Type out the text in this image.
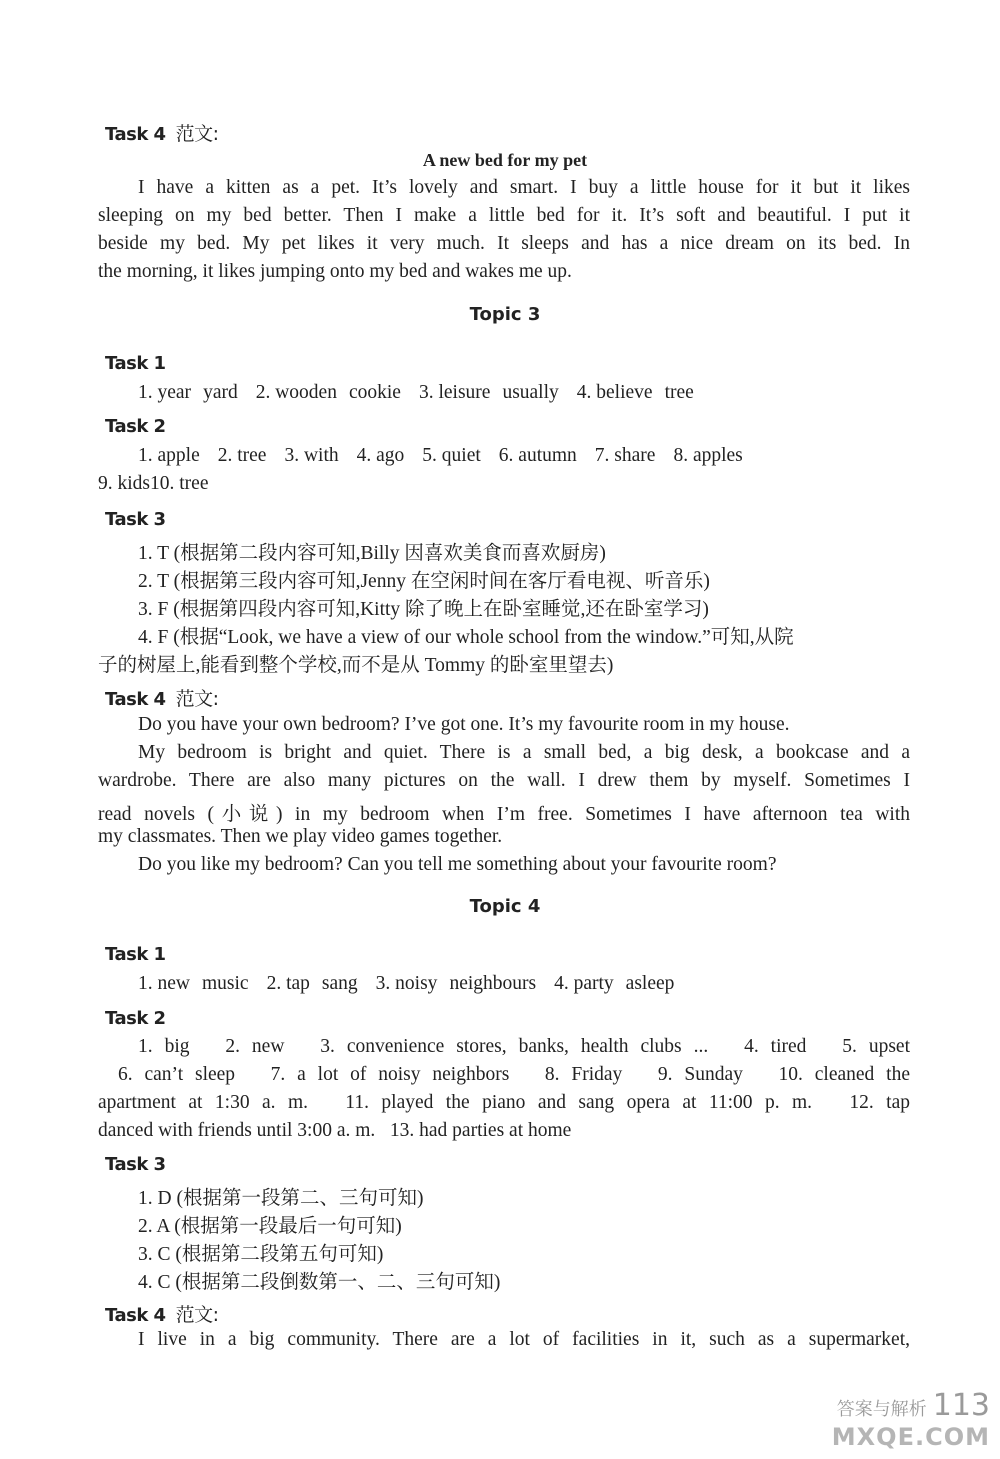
Task 4 范文:
A new bed for my pet
I have a kitten as a pet. It’s lovely and smart. I buy a little house for it but it likes
sleeping on my bed better. Then I make a little bed for it. It’s soft and beautiful. I put it
beside my bed. My pet likes it very much. It sleeps and has a nice dream on its bed. In
the morning, it likes jumping onto my bed and wakes me up.
Topic 3
Task 1
1. year yard 2. wooden cookie 3. leisure usually 4. believe tree
Task 2
1. apple 2. tree 3. with 4. ago 5. quiet 6. autumn 7. share 8. apples
9. kids10. tree
Task 3
1. T (根据第二段内容可知,Billy 因喜欢美食而喜欢厨房)
2. T (根据第三段内容可知,Jenny 在空闲时间在客厅看电视、听音乐)
3. F (根据第四段内容可知,Kitty 除了晚上在卧室睡觉,还在卧室学习)
4. F (根据“Look, we have a view of our whole school from the window.”可知,从院
子的树屋上,能看到整个学校,而不是从 Tommy 的卧室里望去)
Task 4 范文:
Do you have your own bedroom? I’ve got one. It’s my favourite room in my house.
My bedroom is bright and quiet. There is a small bed, a big desk, a bookcase and a
wardrobe. There are also many pictures on the wall. I drew them by myself. Sometimes I
read novels (小说) in my bedroom when I’m free. Sometimes I have afternoon tea with
my classmates. Then we play video games together.
Do you like my bedroom? Can you tell me something about your favourite room?
Topic 4
Task 1
1. new music 2. tap sang 3. noisy neighbours 4. party asleep
Task 2
1. big   2. new   3. convenience stores, banks, health clubs ...   4. tired   5. upset
6. can’t sleep   7. a lot of noisy neighbors   8. Friday   9. Sunday   10. cleaned the
apartment at 1:30 a. m.   11. played the piano and sang opera at 11:00 p. m.   12. tap
danced with friends until 3:00 a. m.   13. had parties at home
Task 3
1. D (根据第一段第二、三句可知)
2. A (根据第一段最后一句可知)
3. C (根据第二段第五句可知)
4. C (根据第二段倒数第一、二、三句可知)
Task 4 范文:
I live in a big community. There are a lot of facilities in it, such as a supermarket,
答案与解析 113
MXQE.COM
